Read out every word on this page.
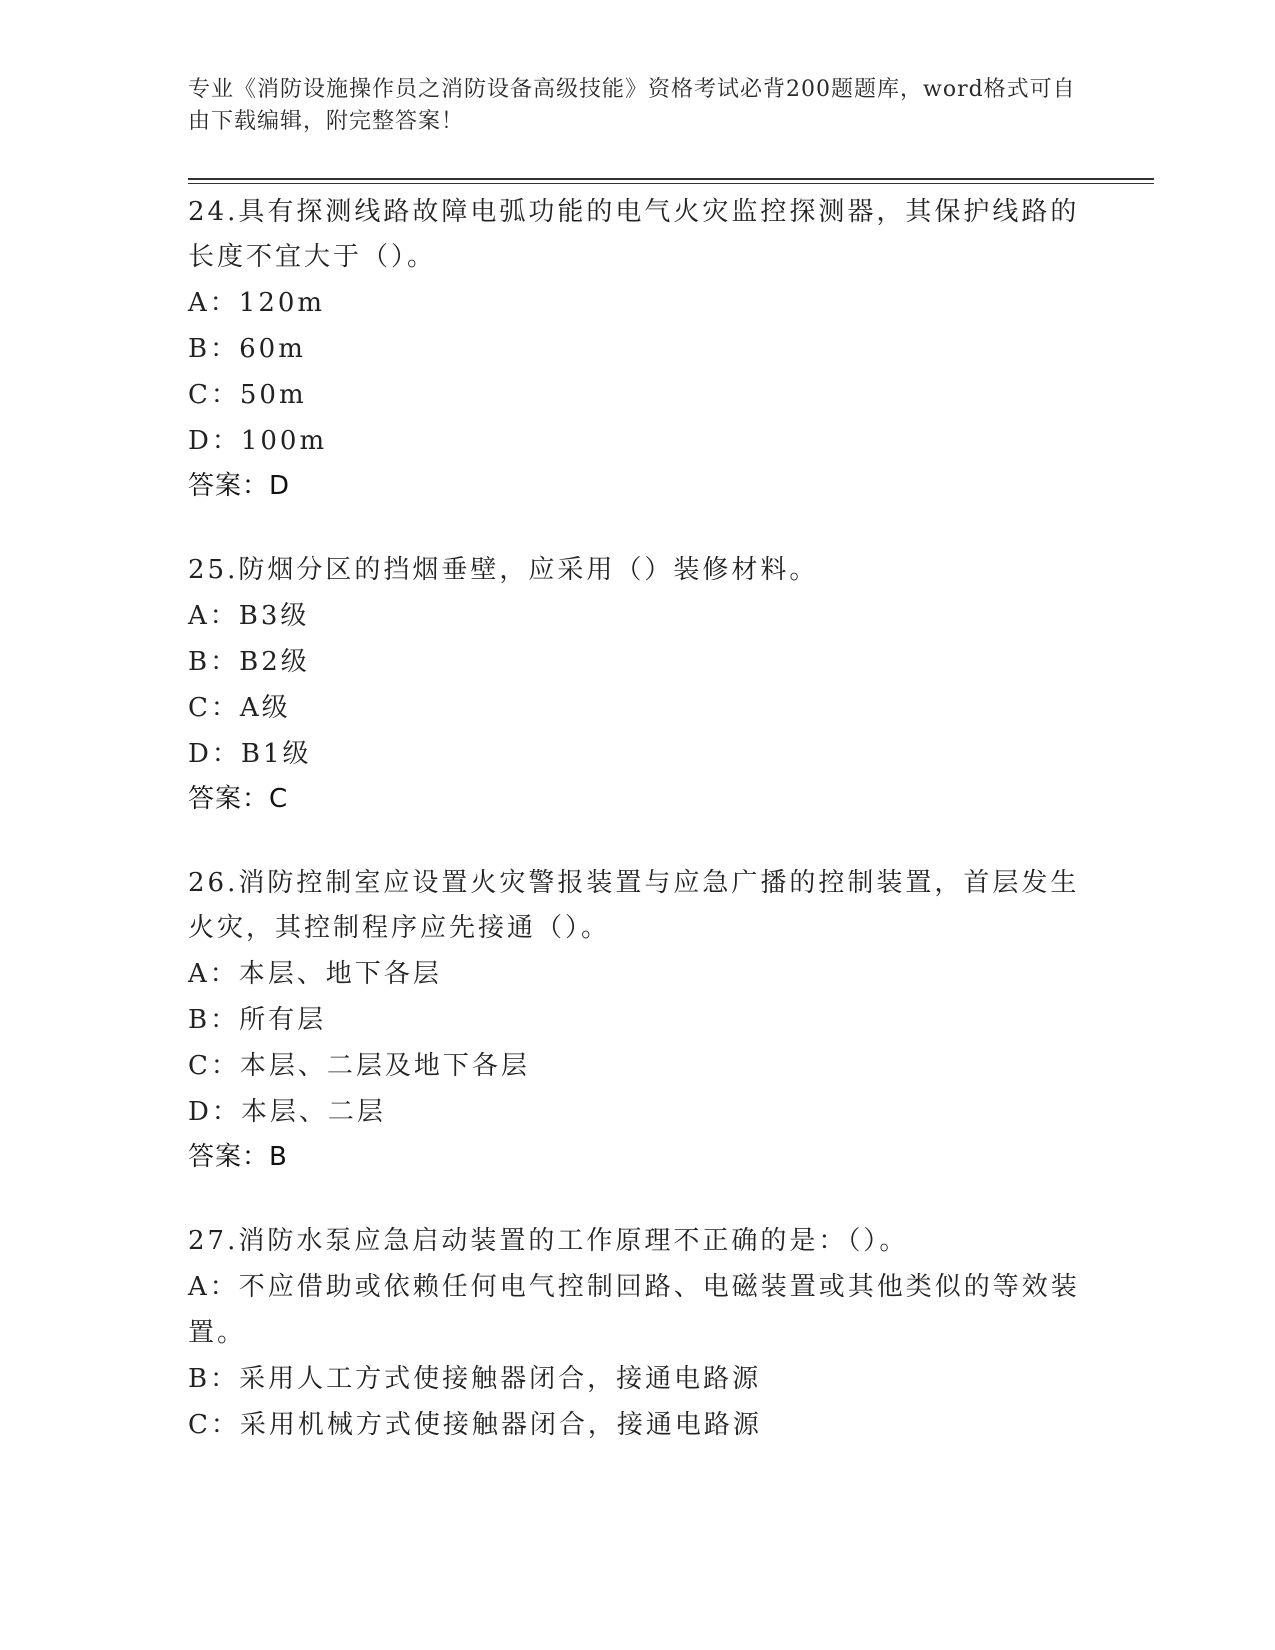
专业《消防设施操作员之消防设备高级技能》资格考试必背200题题库，word格式可自由下载编辑，附完整答案！
24.具有探测线路故障电弧功能的电气火灾监控探测器，其保护线路的长度不宜大于（）。
A：120m
B：60m
C：50m
D：100m
答案：D
25.防烟分区的挡烟垂壁，应采用（）装修材料。
A：B3级
B：B2级
C：A级
D：B1级
答案：C
26.消防控制室应设置火灾警报装置与应急广播的控制装置，首层发生火灾，其控制程序应先接通（）。
A：本层、地下各层
B：所有层
C：本层、二层及地下各层
D：本层、二层
答案：B
27.消防水泵应急启动装置的工作原理不正确的是：（）。
A：不应借助或依赖任何电气控制回路、电磁装置或其他类似的等效装置。
B：采用人工方式使接触器闭合，接通电路源
C：采用机械方式使接触器闭合，接通电路源
